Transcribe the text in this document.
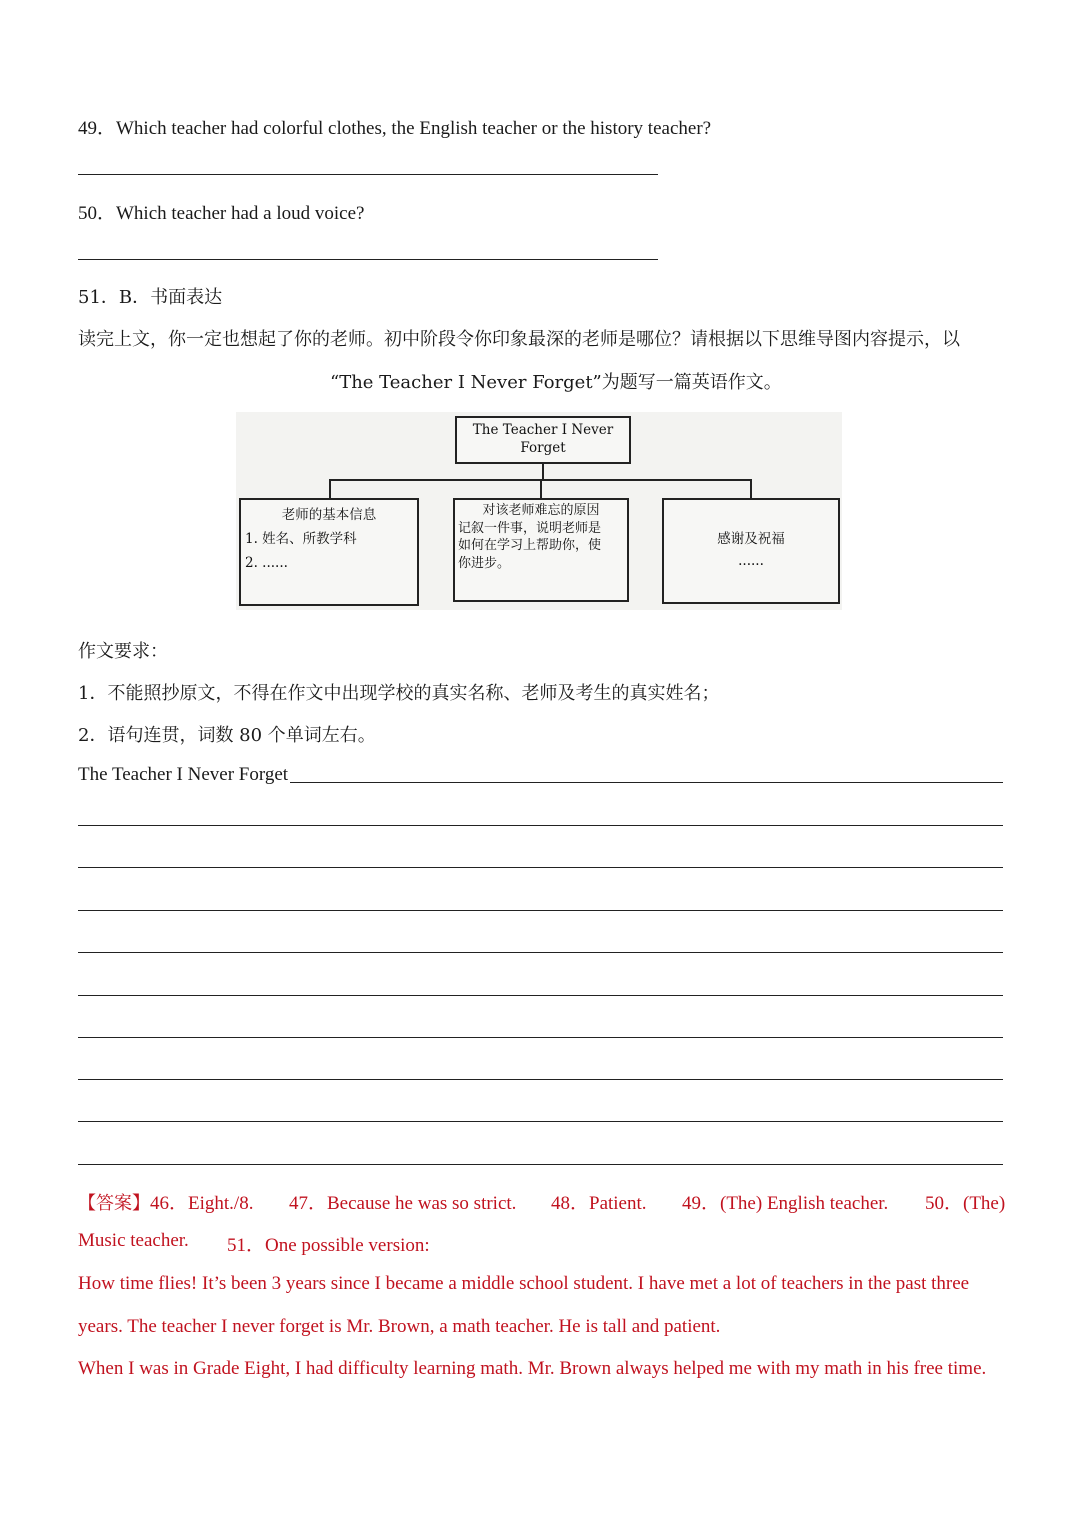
49．Which teacher had colorful clothes, the English teacher or the history teacher?
50．Which teacher had a loud voice?
51．B．书面表达
读完上文，你一定也想起了你的老师。初中阶段令你印象最深的老师是哪位？请根据以下思维导图内容提示，以
“The Teacher I Never Forget”为题写一篇英语作文。
The Teacher I Never
Forget
老师的基本信息
1. 姓名、所教学科
2. ......
对该老师难忘的原因
记叙一件事，说明老师是
如何在学习上帮助你，使
你进步。
感谢及祝福
......
作文要求：
1．不能照抄原文，不得在作文中出现学校的真实名称、老师及考生的真实姓名；
2．语句连贯，词数 80 个单词左右。
The Teacher I Never Forget
【答案】46．Eight./8. 47．Because he was so strict. 48．Patient. 49．(The) English teacher. 50．(The)
Music teacher. 51．One possible version:
How time flies! It’s been 3 years since I became a middle school student. I have met a lot of teachers in the past three
years. The teacher I never forget is Mr. Brown, a math teacher. He is tall and patient.
When I was in Grade Eight, I had difficulty learning math. Mr. Brown always helped me with my math in his free time.
